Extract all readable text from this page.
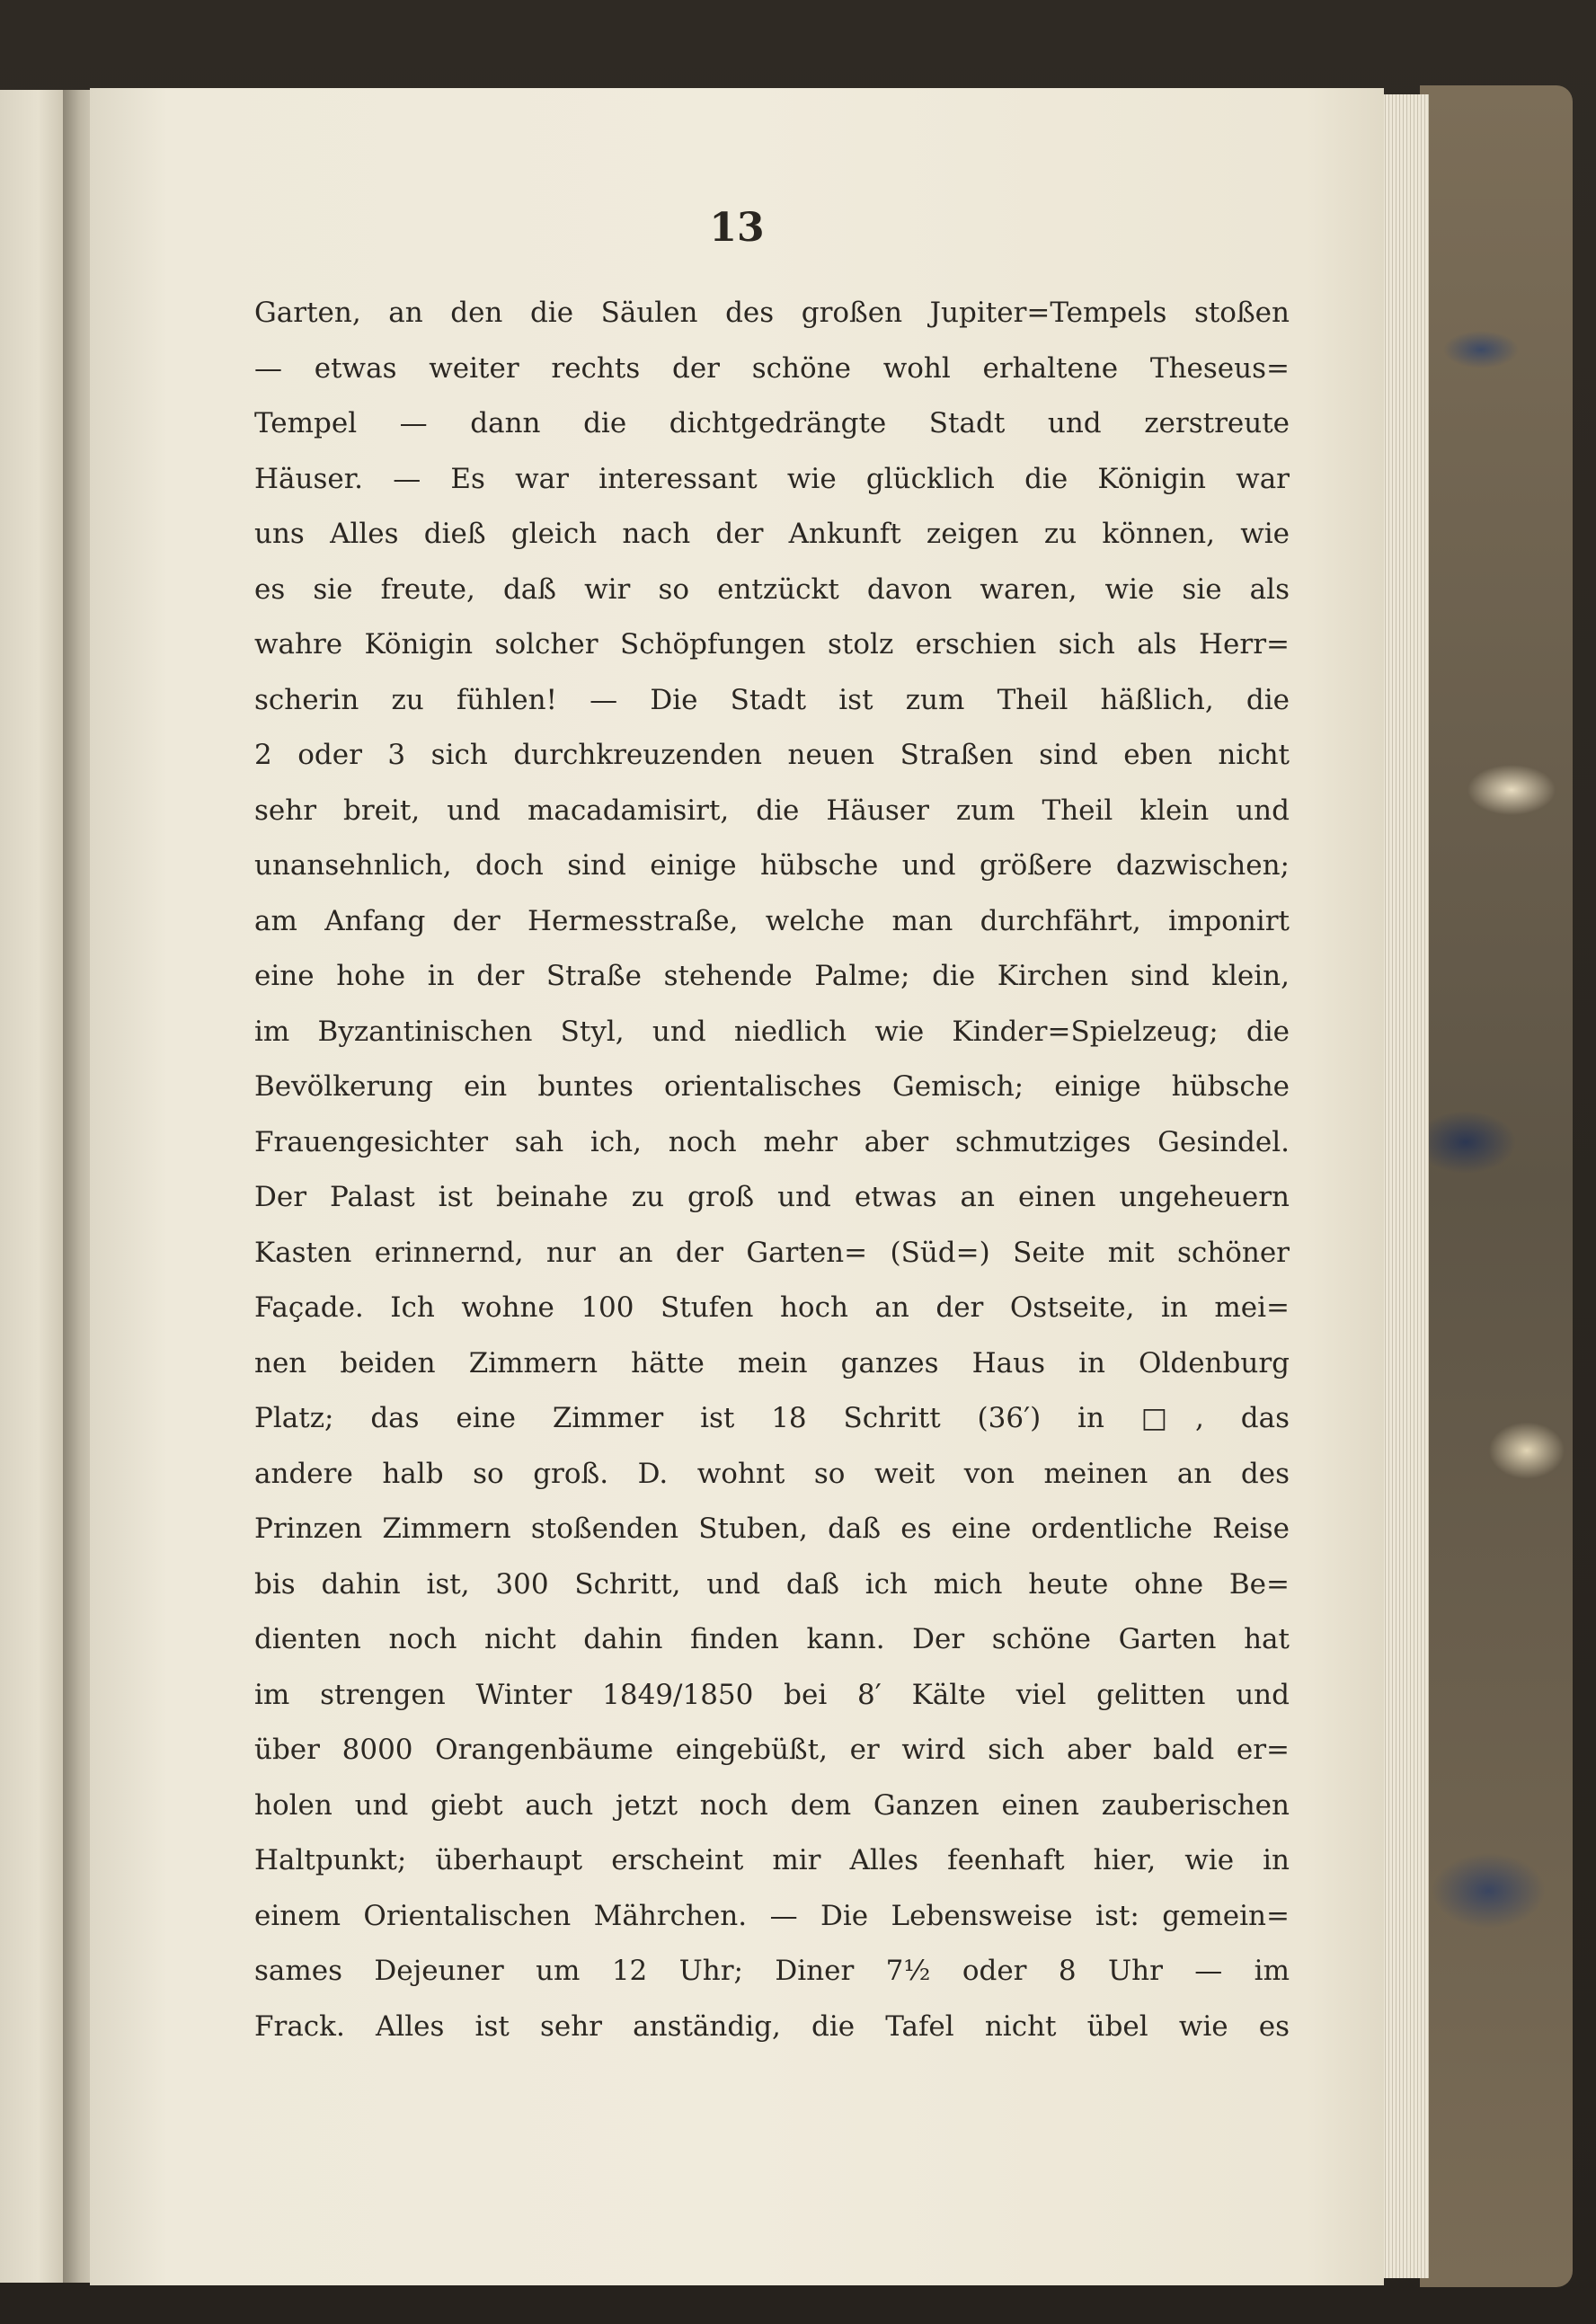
13

Garten, an den die Säulen des großen Jupiter=Tempels stoßen
— etwas weiter rechts der schöne wohl erhaltene Theseus=
Tempel — dann die dichtgedrängte Stadt und zerstreute
Häuser. — Es war interessant wie glücklich die Königin war
uns Alles dieß gleich nach der Ankunft zeigen zu können, wie
es sie freute, daß wir so entzückt davon waren, wie sie als
wahre Königin solcher Schöpfungen stolz erschien sich als Herr=
scherin zu fühlen! — Die Stadt ist zum Theil häßlich, die
2 oder 3 sich durchkreuzenden neuen Straßen sind eben nicht
sehr breit, und macadamisirt, die Häuser zum Theil klein und
unansehnlich, doch sind einige hübsche und größere dazwischen;
am Anfang der Hermesstraße, welche man durchfährt, imponirt
eine hohe in der Straße stehende Palme; die Kirchen sind klein,
im Byzantinischen Styl, und niedlich wie Kinder=Spielzeug; die
Bevölkerung ein buntes orientalisches Gemisch; einige hübsche
Frauengesichter sah ich, noch mehr aber schmutziges Gesindel.
Der Palast ist beinahe zu groß und etwas an einen ungeheuern
Kasten erinnernd, nur an der Garten= (Süd=) Seite mit schöner
Façade. Ich wohne 100 Stufen hoch an der Ostseite, in mei=
nen beiden Zimmern hätte mein ganzes Haus in Oldenburg
Platz; das eine Zimmer ist 18 Schritt (36′) in □, das
andere halb so groß. D. wohnt so weit von meinen an des
Prinzen Zimmern stoßenden Stuben, daß es eine ordentliche Reise
bis dahin ist, 300 Schritt, und daß ich mich heute ohne Be=
dienten noch nicht dahin finden kann. Der schöne Garten hat
im strengen Winter 1849/1850 bei 8′ Kälte viel gelitten und
über 8000 Orangenbäume eingebüßt, er wird sich aber bald er=
holen und giebt auch jetzt noch dem Ganzen einen zauberischen
Haltpunkt; überhaupt erscheint mir Alles feenhaft hier, wie in
einem Orientalischen Mährchen. — Die Lebensweise ist: gemein=
sames Dejeuner um 12 Uhr; Diner 7½ oder 8 Uhr — im
Frack. Alles ist sehr anständig, die Tafel nicht übel wie es
